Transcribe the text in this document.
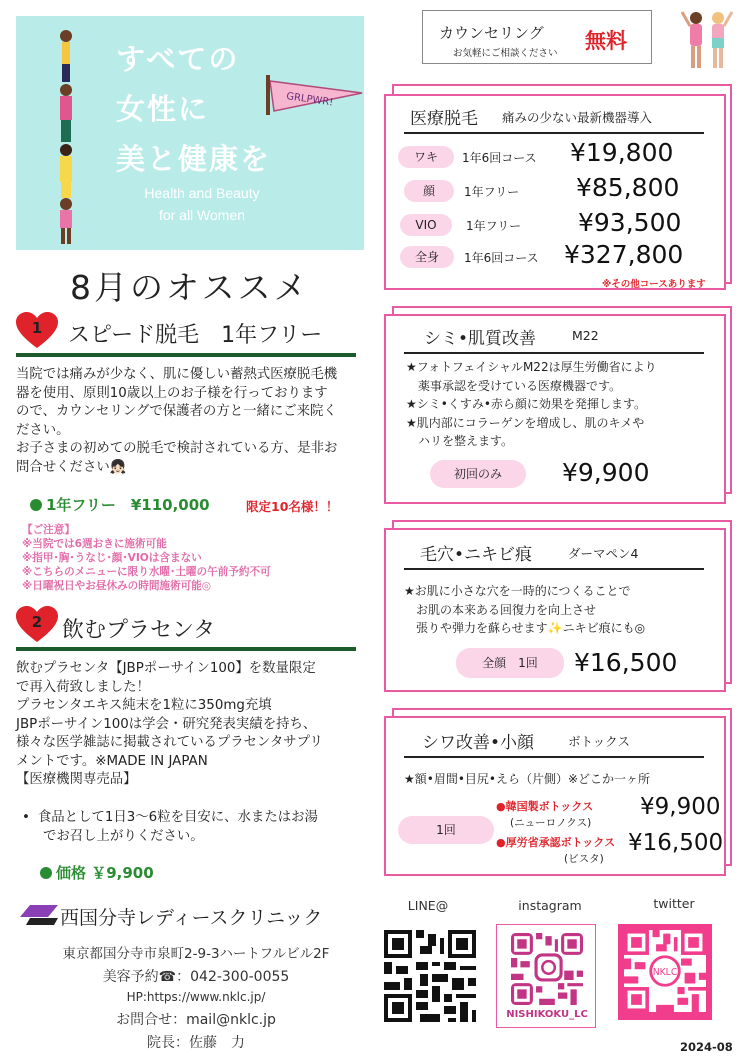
すべての
女性に
美と健康を
GRLPWR!
Health and Beauty
for all Women
8月のオススメ
1	スピード脱毛　1年フリー
当院では痛みが少なく、肌に優しい蓄熱式医療脱毛機
器を使用、原則10歳以上のお子様を行っております
ので、カウンセリングで保護者の方と一緒にご来院く
ださい。
お子さまの初めての脱毛で検討されている方、是非お
問合せください👧🏻
1年フリー　¥110,000	限定10名様！！
【ご注意】
※当院では6週おきに施術可能
※指甲･胸･うなじ･顔･VIOは含まない
※こちらのメニューに限り水曜･土曜の午前予約不可
※日曜祝日やお昼休みの時間施術可能◎
2 飲むプラセンタ
飲むプラセンタ【JBPポーサイン100】を数量限定
で再入荷致しました！
プラセンタエキス純末を1粒に350mg充填
JBPポーサイン100は学会・研究発表実績を持ち、
様々な医学雑誌に掲載されているプラセンタサプリ
メントです。※MADE IN JAPAN
【医療機関専売品】
• 食品として1日3～6粒を目安に、水またはお湯
でお召し上がりください。
価格 ￥9,900
西国分寺レディースクリニック
東京都国分寺市泉町2-9-3ハートフルビル2F
美容予約☎：042-300-0055
HP:https://www.nklc.jp/
お問合せ：mail@nklc.jp
院長：佐藤　力
カウンセリング
お気軽にご相談ください
無料
医療脱毛 痛みの少ない最新機器導入
ワキ	1年6回コース ¥19,800
顔	1年フリー ¥85,800
VIO	1年フリー ¥93,500
全身	1年6回コース ¥327,800
※その他コースあります
シミ•肌質改善	M22
★フォトフェイシャルM22は厚生労働省により
　薬事承認を受けている医療機器です。
★シミ•くすみ•赤ら顔に効果を発揮します。
★肌内部にコラーゲンを増成し、肌のキメや
　ハリを整えます。
初回のみ	¥9,900
毛穴•ニキビ痕	ダーマペン4
★お肌に小さな穴を一時的につくることで
　お肌の本来ある回復力を向上させ
　張りや弾力を蘇らせます✨ニキビ痕にも◎
全顔　1回	¥16,500
シワ改善•小顔	ボトックス
★額•眉間•目尻•えら（片側）※どこか一ヶ所
1回
●韓国製ボトックス
(ニューロノクス)
¥9,900
●厚労省承認ボトックス
(ビスタ)
¥16,500
LINE@	instagram	twitter
NISHIKOKU_LC
NKLC
2024-08
